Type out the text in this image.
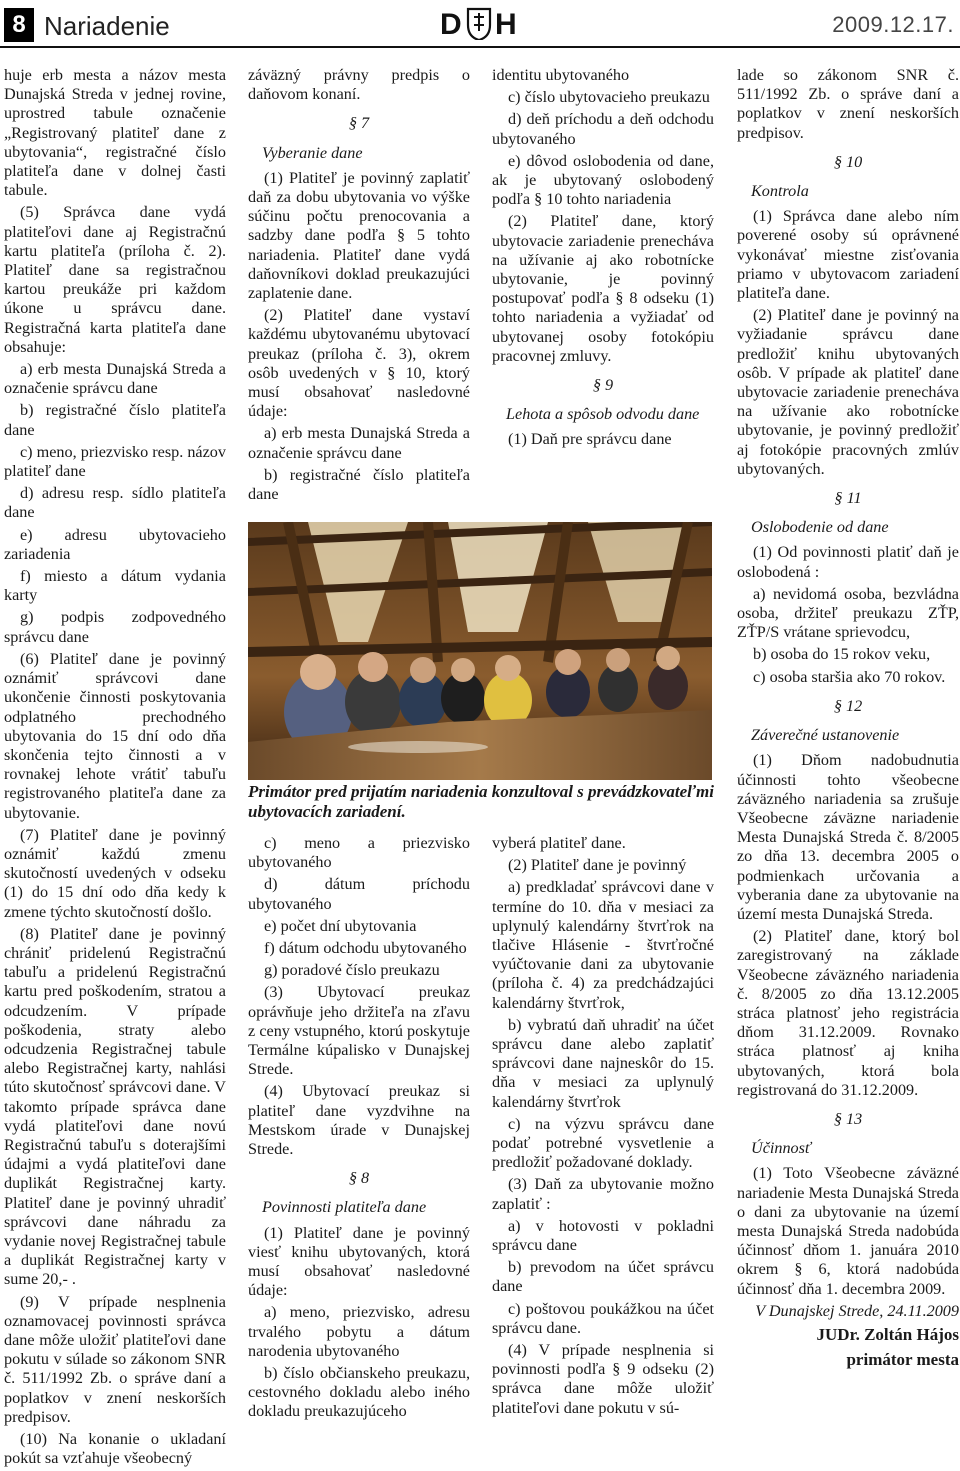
8 Nariadenie	D H	2009.12.17.

huje erb mesta a názov mesta Dunajská Streda v jednej rovine, uprostred tabule označenie „Registrovaný platiteľ dane z ubytovania“, registračné číslo platiteľa dane v dolnej časti tabule.

(5) Správca dane vydá platiteľovi dane aj Registračnú kartu platiteľa (príloha č. 2). Platiteľ dane sa registračnou kartou preukáže pri každom úkone u správcu dane. Registračná karta platiteľa dane obsahuje:

a) erb mesta Dunajská Streda a označenie správcu dane

b) registračné číslo platiteľa dane

c) meno, priezvisko resp. názov platiteľ dane

d) adresu resp. sídlo platiteľa dane

e) adresu ubytovacieho zariadenia

f) miesto a dátum vydania karty

g) podpis zodpovedného správcu dane

(6) Platiteľ dane je povinný oznámiť správcovi dane ukončenie činnosti poskytovania odplatného prechodného ubytovania do 15 dní odo dňa skončenia tejto činnosti a v rovnakej lehote vrátiť tabuľu registrovaného platiteľa dane za ubytovanie.

(7) Platiteľ dane je povinný oznámiť každú zmenu skutočností uvedených v odseku (1) do 15 dní odo dňa kedy k zmene týchto skutočností došlo.

(8) Platiteľ dane je povinný chrániť pridelenú Registračnú tabuľu a pridelenú Registračnú kartu pred poškodením, stratou a odcudzením. V prípade poškodenia, straty alebo odcudzenia Registračnej tabule alebo Registračnej karty, nahlási túto skutočnosť správcovi dane. V takomto prípade správca dane vydá platiteľovi dane novú Registračnú tabuľu s doterajšími údajmi a vydá platiteľovi dane duplikát Registračnej karty. Platiteľ dane je povinný uhradiť správcovi dane náhradu za vydanie novej Registračnej tabule a duplikát Registračnej karty v sume 20,- .

(9) V prípade nesplnenia oznamovacej povinnosti správca dane môže uložiť platiteľovi dane pokutu v súlade so zákonom SNR č. 511/1992 Zb. o správe daní a poplatkov v znení neskorších predpisov.

(10) Na konanie o ukladaní pokút sa vzťahuje všeobecný

záväzný právny predpis o daňovom konaní.

§ 7

Vyberanie dane

(1) Platiteľ je povinný zaplatiť daň za dobu ubytovania vo výške súčinu počtu prenocovania a sadzby dane podľa § 5 tohto nariadenia. Platiteľ dane vydá daňovníkovi doklad preukazujúci zaplatenie dane.

(2) Platiteľ dane vystaví každému ubytovanému ubytovací preukaz (príloha č. 3), okrem osôb uvedených v § 10, ktorý musí obsahovať nasledovné údaje:

a) erb mesta Dunajská Streda a označenie správcu dane

b) registračné číslo platiteľa dane

identitu ubytovaného

c) číslo ubytovacieho preukazu

d) deň príchodu a deň odchodu ubytovaného

e) dôvod oslobodenia od dane, ak je ubytovaný oslobodený podľa § 10 tohto nariadenia

(2) Platiteľ dane, ktorý ubytovacie zariadenie prenecháva na užívanie aj ako robotnícke ubytovanie, je povinný postupovať podľa § 8 odseku (1) tohto nariadenia a vyžiadať od ubytovanej osoby fotokópiu pracovnej zmluvy.

§ 9

Lehota a spôsob odvodu dane

(1) Daň pre správcu dane

Primátor pred prijatím nariadenia konzultoval s prevádzkovateľmi ubytovacích zariadení.

c) meno a priezvisko ubytovaného

d) dátum príchodu ubytovaného

e) počet dní ubytovania

f) dátum odchodu ubytovaného

g) poradové číslo preukazu

(3) Ubytovací preukaz oprávňuje jeho držiteľa na zľavu z ceny vstupného, ktorú poskytuje Termálne kúpalisko v Dunajskej Strede.

(4) Ubytovací preukaz si platiteľ dane vyzdvihne na Mestskom úrade v Dunajskej Strede.

§ 8

Povinnosti platiteľa dane

(1) Platiteľ dane je povinný viesť knihu ubytovaných, ktorá musí obsahovať nasledovné údaje:

a) meno, priezvisko, adresu trvalého pobytu a dátum narodenia ubytovaného

b) číslo občianskeho preukazu, cestovného dokladu alebo iného dokladu preukazujúceho

vyberá platiteľ dane.

(2) Platiteľ dane je povinný

a) predkladať správcovi dane v termíne do 10. dňa v mesiaci za uplynulý kalendárny štvrťrok na tlačive Hlásenie - štvrťročné vyúčtovanie dani za ubytovanie (príloha č. 4) za predchádzajúci kalendárny štvrťrok,

b) vybratú daň uhradiť na účet správcu dane alebo zaplatiť správcovi dane najneskôr do 15. dňa v mesiaci za uplynulý kalendárny štvrťrok

c) na výzvu správcu dane podať potrebné vysvetlenie a predložiť požadované doklady.

(3) Daň za ubytovanie možno zaplatiť :

a) v hotovosti v pokladni správcu dane

b) prevodom na účet správcu dane

c) poštovou poukážkou na účet správcu dane.

(4) V prípade nesplnenia si povinnosti podľa § 9 odseku (2) správca dane môže uložiť platiteľovi dane pokutu v sú-

lade so zákonom SNR č. 511/1992 Zb. o správe daní a poplatkov v znení neskorších predpisov.

§ 10

Kontrola

(1) Správca dane alebo ním poverené osoby sú oprávnené vykonávať miestne zisťovania priamo v ubytovacom zariadení platiteľa dane.

(2) Platiteľ dane je povinný na vyžiadanie správcu dane predložiť knihu ubytovaných osôb. V prípade ak platiteľ dane ubytovacie zariadenie prenecháva na užívanie ako robotnícke ubytovanie, je povinný predložiť aj fotokópie pracovných zmlúv ubytovaných.

§ 11

Oslobodenie od dane

(1) Od povinnosti platiť daň je oslobodená :

a) nevidomá osoba, bezvládna osoba, držiteľ preukazu ZŤP, ZŤP/S vrátane sprievodcu,

b) osoba do 15 rokov veku,

c) osoba staršia ako 70 rokov.

§ 12

Záverečné ustanovenie

(1) Dňom nadobudnutia účinnosti tohto všeobecne záväzného nariadenia sa zrušuje Všeobecne záväzne nariadenie Mesta Dunajská Streda č. 8/2005 zo dňa 13. decembra 2005 o podmienkach určovania a vyberania dane za ubytovanie na území mesta Dunajská Streda.

(2) Platiteľ dane, ktorý bol zaregistrovaný na základe Všeobecne záväzného nariadenia č. 8/2005 zo dňa 13.12.2005 stráca platnosť jeho registrácia dňom 31.12.2009. Rovnako stráca platnosť aj kniha ubytovaných, ktorá bola registrovaná do 31.12.2009.

§ 13

Účinnosť

(1) Toto Všeobecne záväzné nariadenie Mesta Dunajská Streda o dani za ubytovanie na území mesta Dunajská Streda nadobúda účinnosť dňom 1. januára 2010 okrem § 6, ktorá nadobúda účinnosť dňa 1. decembra 2009.

V Dunajskej Strede, 24.11.2009

JUDr. Zoltán Hájos

primátor mesta
